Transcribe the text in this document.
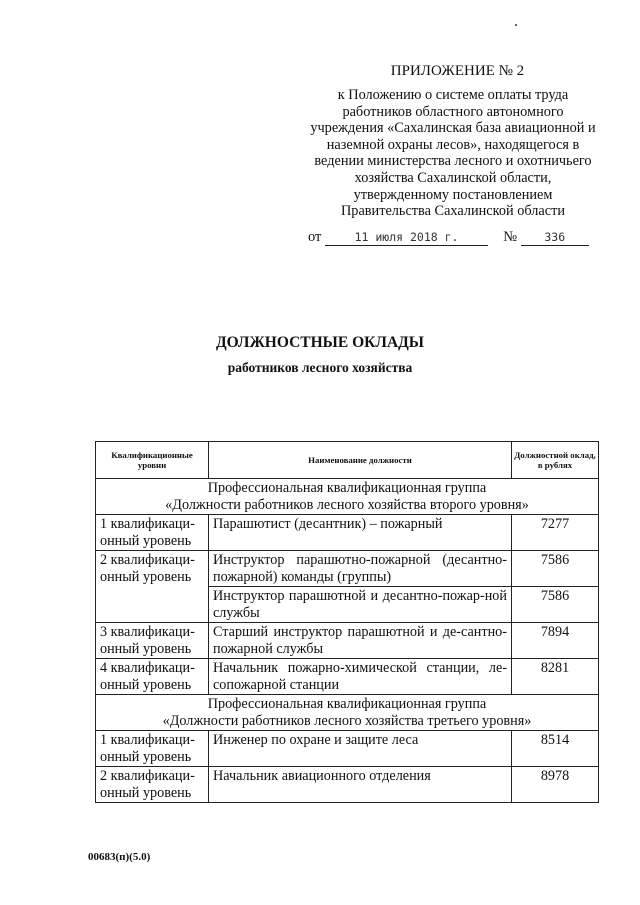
ПРИЛОЖЕНИЕ № 2
к Положению о системе оплаты труда
работников областного автономного
учреждения «Сахалинская база авиационной и
наземной охраны лесов», находящегося в
ведении министерства лесного и охотничьего
хозяйства Сахалинской области,
утвержденному постановлением
Правительства Сахалинской области
от	11 июля 2018 г.	№ 336
ДОЛЖНОСТНЫЕ ОКЛАДЫ
работников лесного хозяйства
Квалификационные уровни	Наименование должности	Должностной оклад, в рублях

Профессиональная квалификационная группа
«Должности работников лесного хозяйства второго уровня»		

1 квалификаци-онный уровень	Парашютист (десантник) – пожарный	7277
2 квалификаци-онный уровень	Инструктор парашютно-пожарной (десантно-пожарной) команды (группы)	7586
	Инструктор парашютной и десантно-пожар-ной службы	7586
3 квалификаци-онный уровень	Старший инструктор парашютной и де-сантно-пожарной службы	7894
4 квалификаци-онный уровень	Начальник пожарно-химической станции, ле-сопожарной станции	8281

Профессиональная квалификационная группа
«Должности работников лесного хозяйства третьего уровня»		

1 квалификаци-онный уровень	Инженер по охране и защите леса	8514
2 квалификаци-онный уровень	Начальник авиационного отделения	8978
00683(п)(5.0)
